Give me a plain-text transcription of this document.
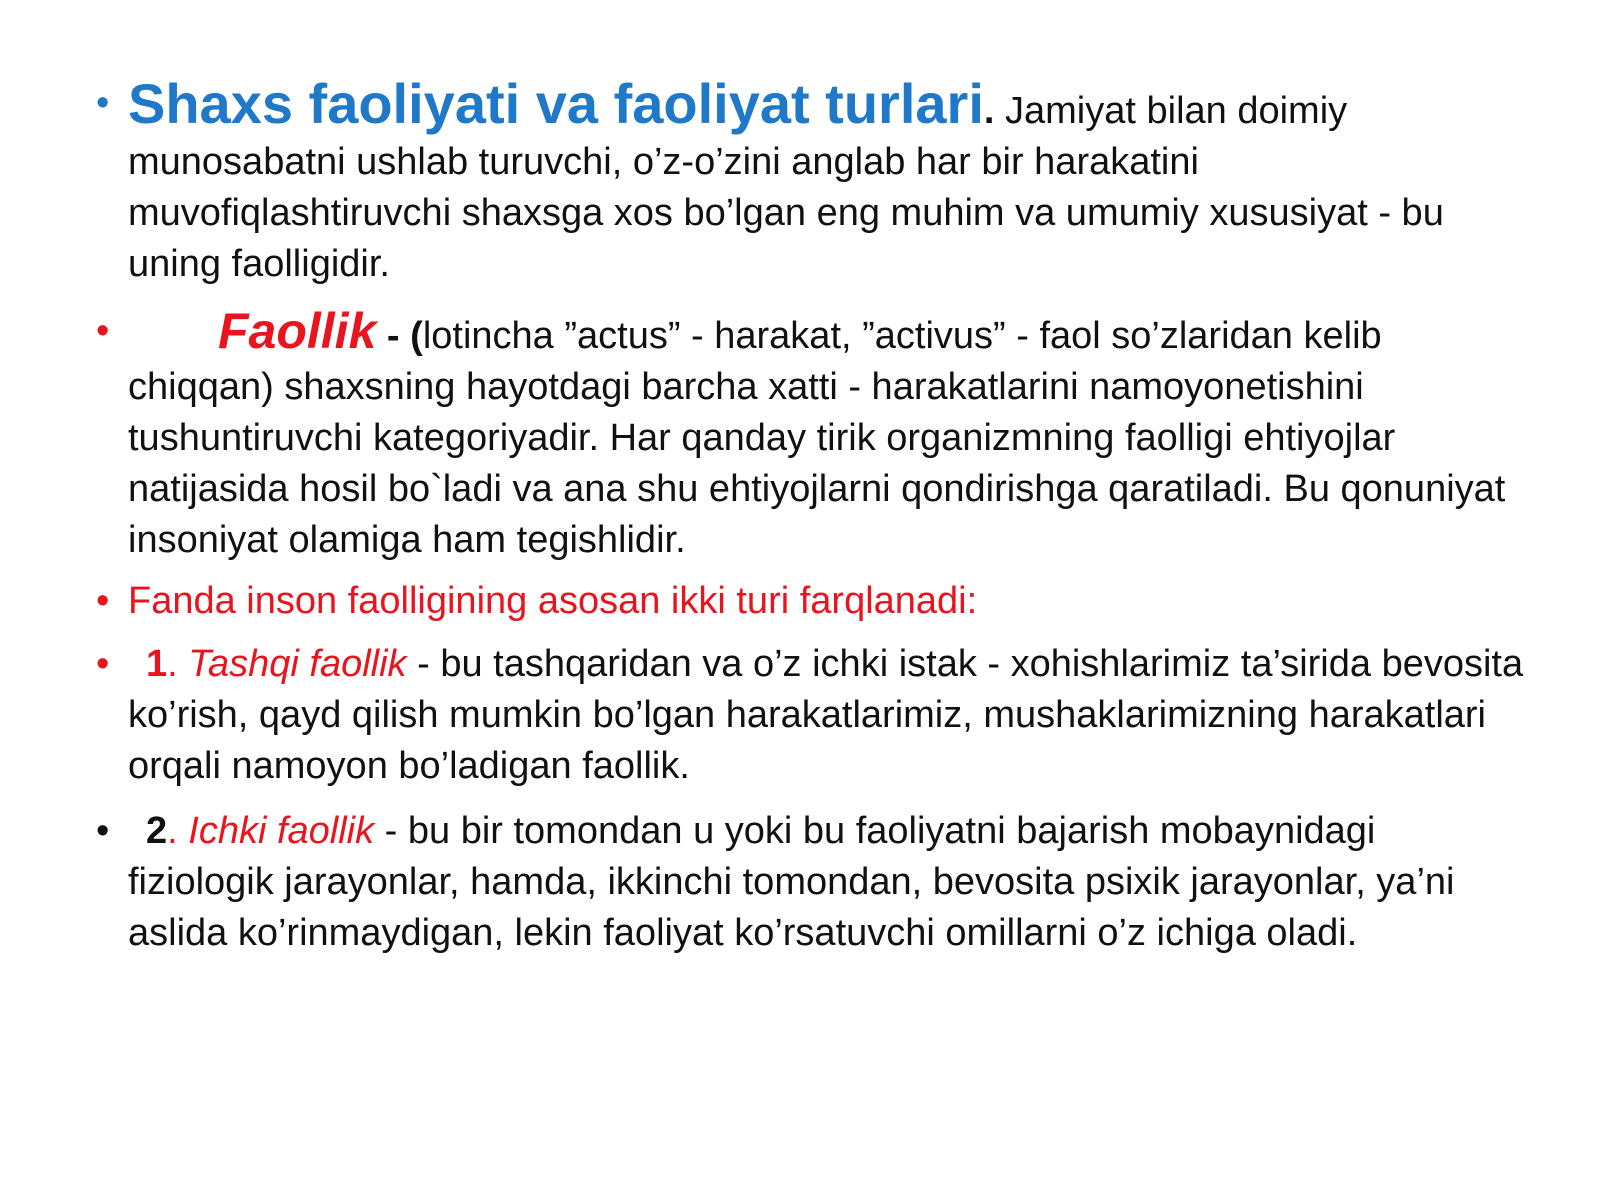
• Shaxs faoliyati va faoliyat turlari. Jamiyat bilan doimiy munosabatni ushlab turuvchi, o’z-o’zini anglab har bir harakatini muvofiqlashtiruvchi shaxsga xos bo’lgan eng muhim va umumiy xususiyat - bu uning faolligidir.
• Faollik - (lotincha ”actus” - harakat, ”activus” - faol so’zlaridan kelib chiqqan) shaxsning hayotdagi barcha xatti - harakatlarini namoyonetishini tushuntiruvchi kategoriyadir. Har qanday tirik organizmning faolligi ehtiyojlar natijasida hosil bo`ladi va ana shu ehtiyojlarni qondirishga qaratiladi. Bu qonuniyat insoniyat olamiga ham tegishlidir.
• Fanda inson faolligining asosan ikki turi farqlanadi:
• 1. Tashqi faollik - bu tashqaridan va o’z ichki istak - xohishlarimiz ta’sirida bevosita ko’rish, qayd qilish mumkin bo’lgan harakatlarimiz, mushaklarimizning harakatlari orqali namoyon bo’ladigan faollik.
• 2. Ichki faollik - bu bir tomondan u yoki bu faoliyatni bajarish mobaynidagi fiziologik jarayonlar, hamda, ikkinchi tomondan, bevosita psixik jarayonlar, ya’ni aslida ko’rinmaydigan, lekin faoliyat ko’rsatuvchi omillarni o’z ichiga oladi.
